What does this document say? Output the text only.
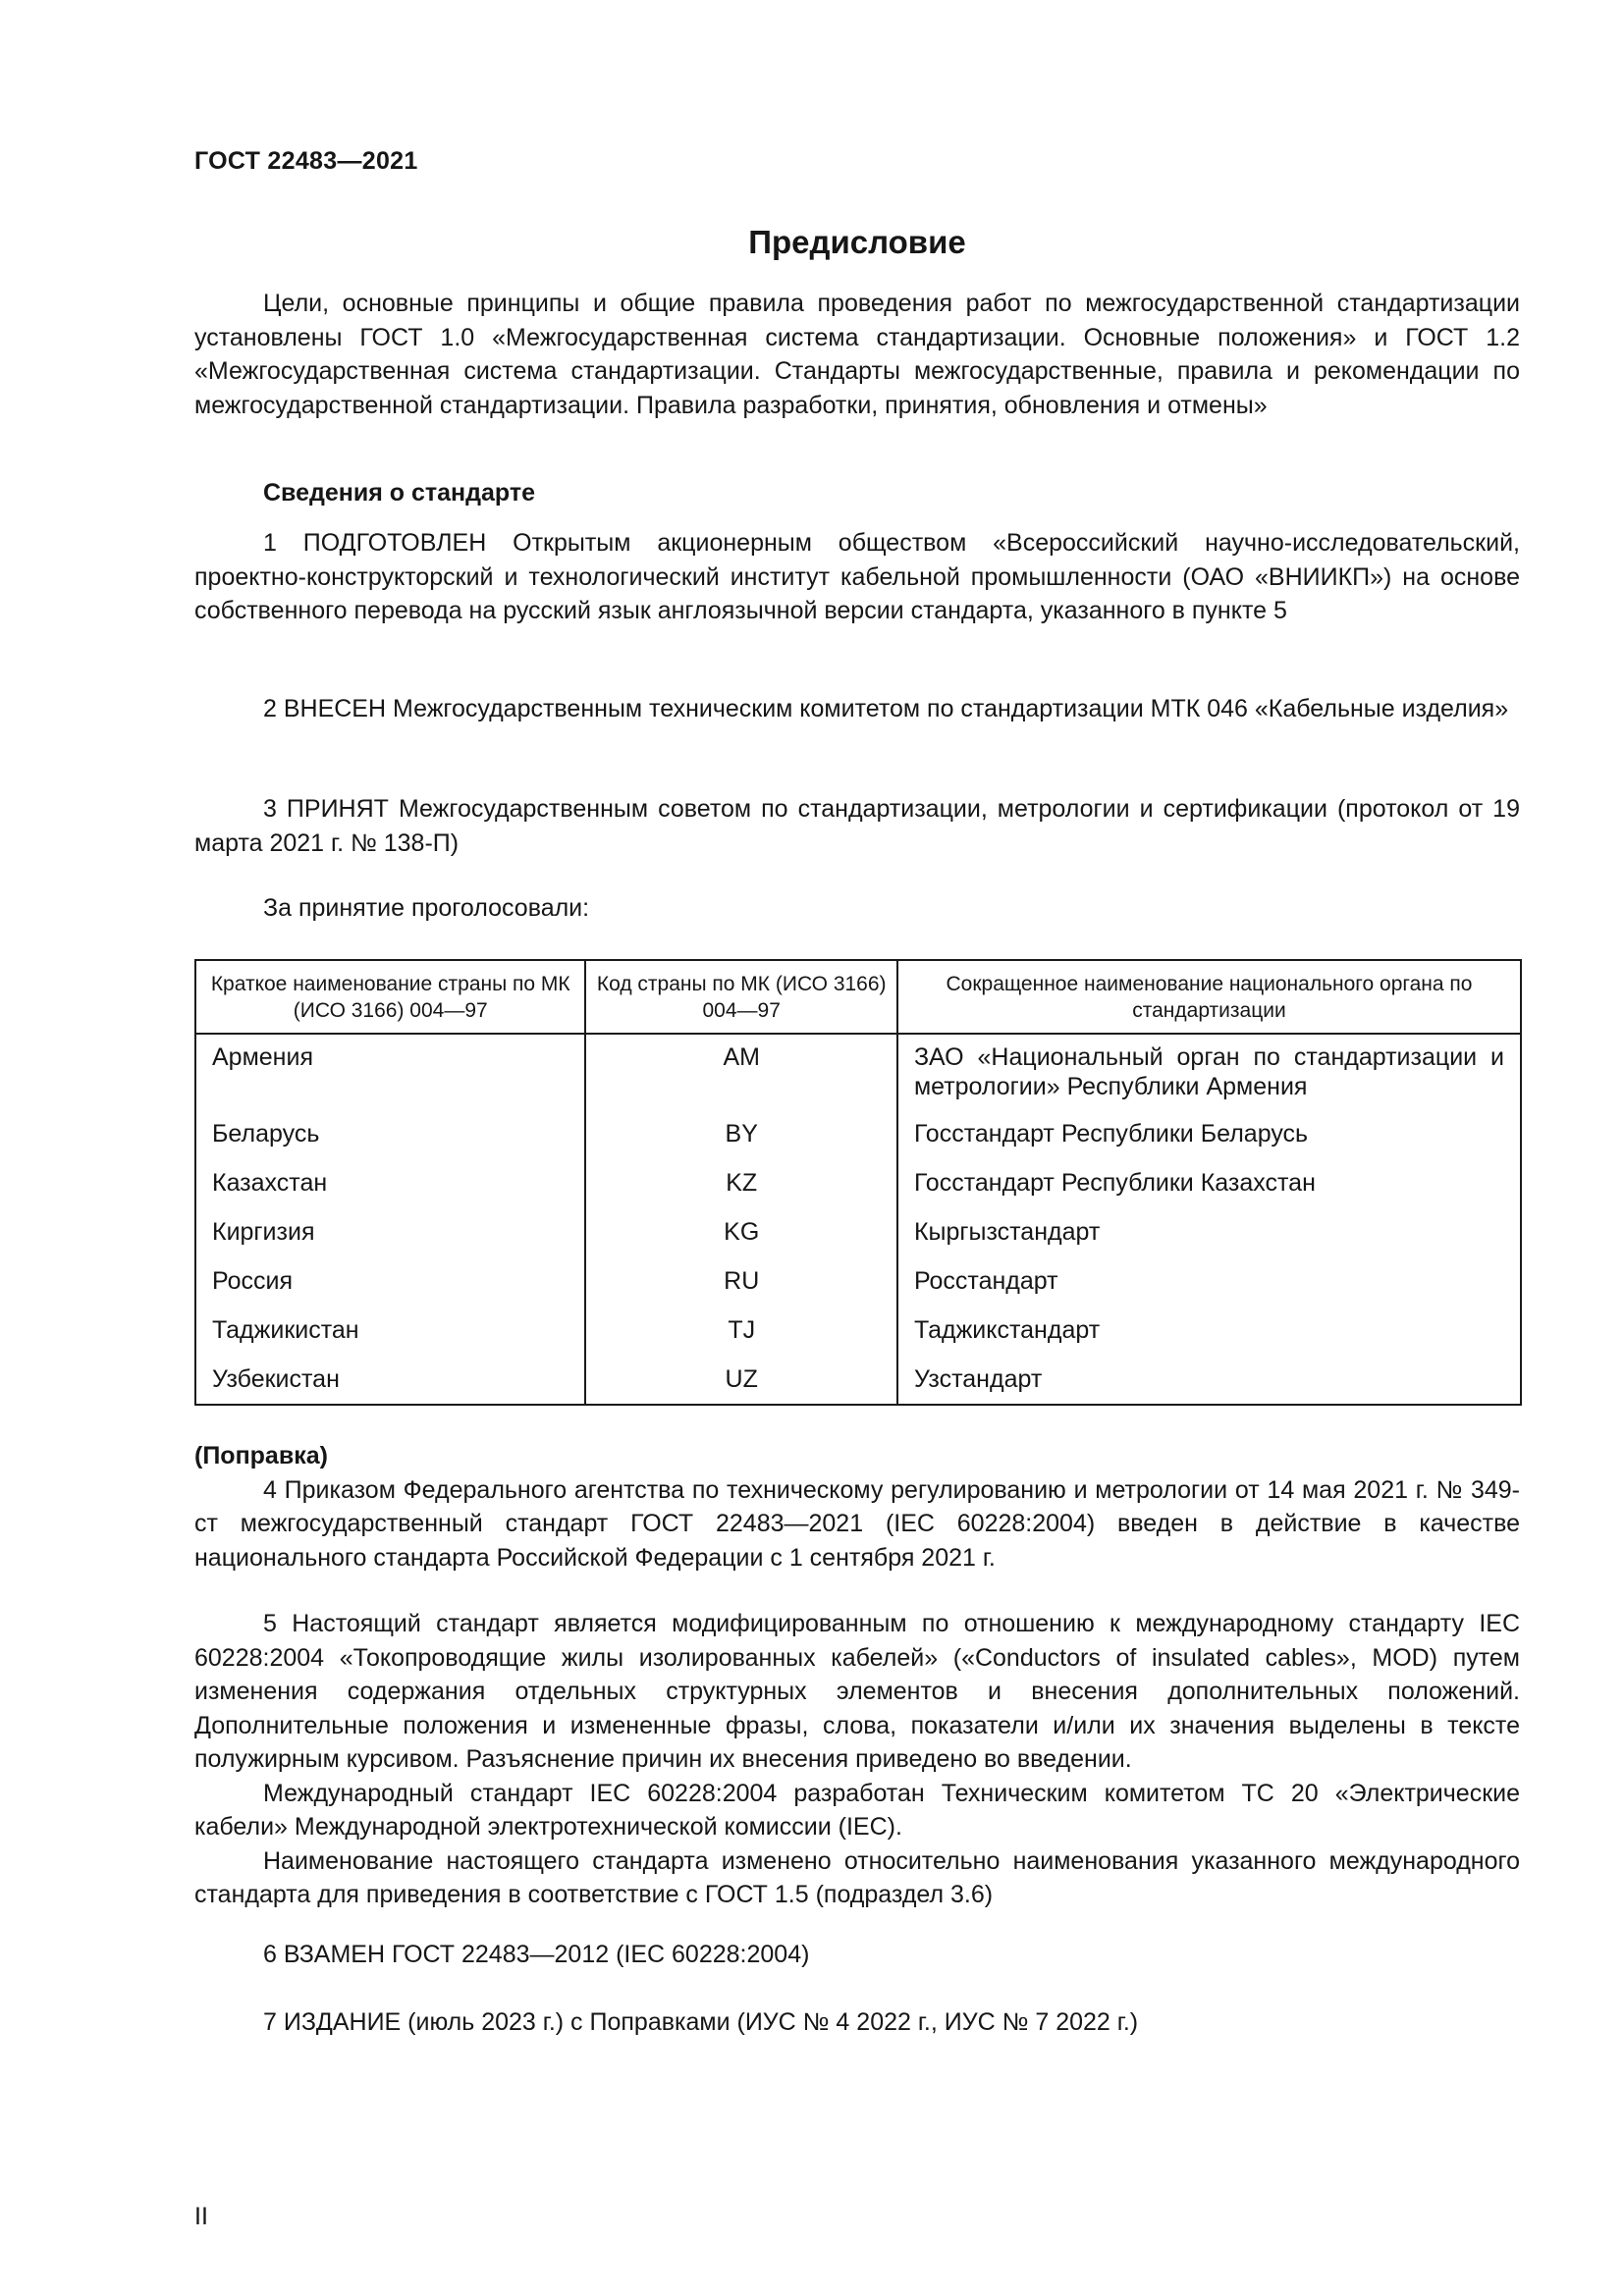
ГОСТ 22483—2021
Предисловие

Цели, основные принципы и общие правила проведения работ по межгосударственной стандартизации установлены ГОСТ 1.0 «Межгосударственная система стандартизации. Основные положения» и ГОСТ 1.2 «Межгосударственная система стандартизации. Стандарты межгосударственные, правила и рекомендации по межгосударственной стандартизации. Правила разработки, принятия, обновления и отмены»

Сведения о стандарте

1 ПОДГОТОВЛЕН Открытым акционерным обществом «Всероссийский научно-исследовательский, проектно-конструкторский и технологический институт кабельной промышленности (ОАО «ВНИИКП») на основе собственного перевода на русский язык англоязычной версии стандарта, указанного в пункте 5

2 ВНЕСЕН Межгосударственным техническим комитетом по стандартизации МТК 046 «Кабельные изделия»

3 ПРИНЯТ Межгосударственным советом по стандартизации, метрологии и сертификации (протокол от 19 марта 2021 г. № 138-П)

За принятие проголосовали:

Краткое наименование страны по МК (ИСО 3166) 004—97	Код страны по МК (ИСО 3166) 004—97	Сокращенное наименование национального органа по стандартизации
Армения	AM	ЗАО «Национальный орган по стандартизации и метрологии» Республики Армения
Беларусь	BY	Госстандарт Республики Беларусь
Казахстан	KZ	Госстандарт Республики Казахстан
Киргизия	KG	Кыргызстандарт
Россия	RU	Росстандарт
Таджикистан	TJ	Таджикстандарт
Узбекистан	UZ	Узстандарт

(Поправка)

4 Приказом Федерального агентства по техническому регулированию и метрологии от 14 мая 2021 г. № 349-ст межгосударственный стандарт ГОСТ 22483—2021 (IEC 60228:2004) введен в действие в качестве национального стандарта Российской Федерации с 1 сентября 2021 г.

5 Настоящий стандарт является модифицированным по отношению к международному стандарту IEC 60228:2004 «Токопроводящие жилы изолированных кабелей» («Conductors of insulated cables», MOD) путем изменения содержания отдельных структурных элементов и внесения дополнительных положений. Дополнительные положения и измененные фразы, слова, показатели и/или их значения выделены в тексте полужирным курсивом. Разъяснение причин их внесения приведено во введении.

Международный стандарт IEC 60228:2004 разработан Техническим комитетом ТС 20 «Электрические кабели» Международной электротехнической комиссии (IEC).

Наименование настоящего стандарта изменено относительно наименования указанного международного стандарта для приведения в соответствие с ГОСТ 1.5 (подраздел 3.6)

6 ВЗАМЕН ГОСТ 22483—2012 (IEC 60228:2004)

7 ИЗДАНИЕ (июль 2023 г.) с Поправками (ИУС № 4 2022 г., ИУС № 7 2022 г.)

II
